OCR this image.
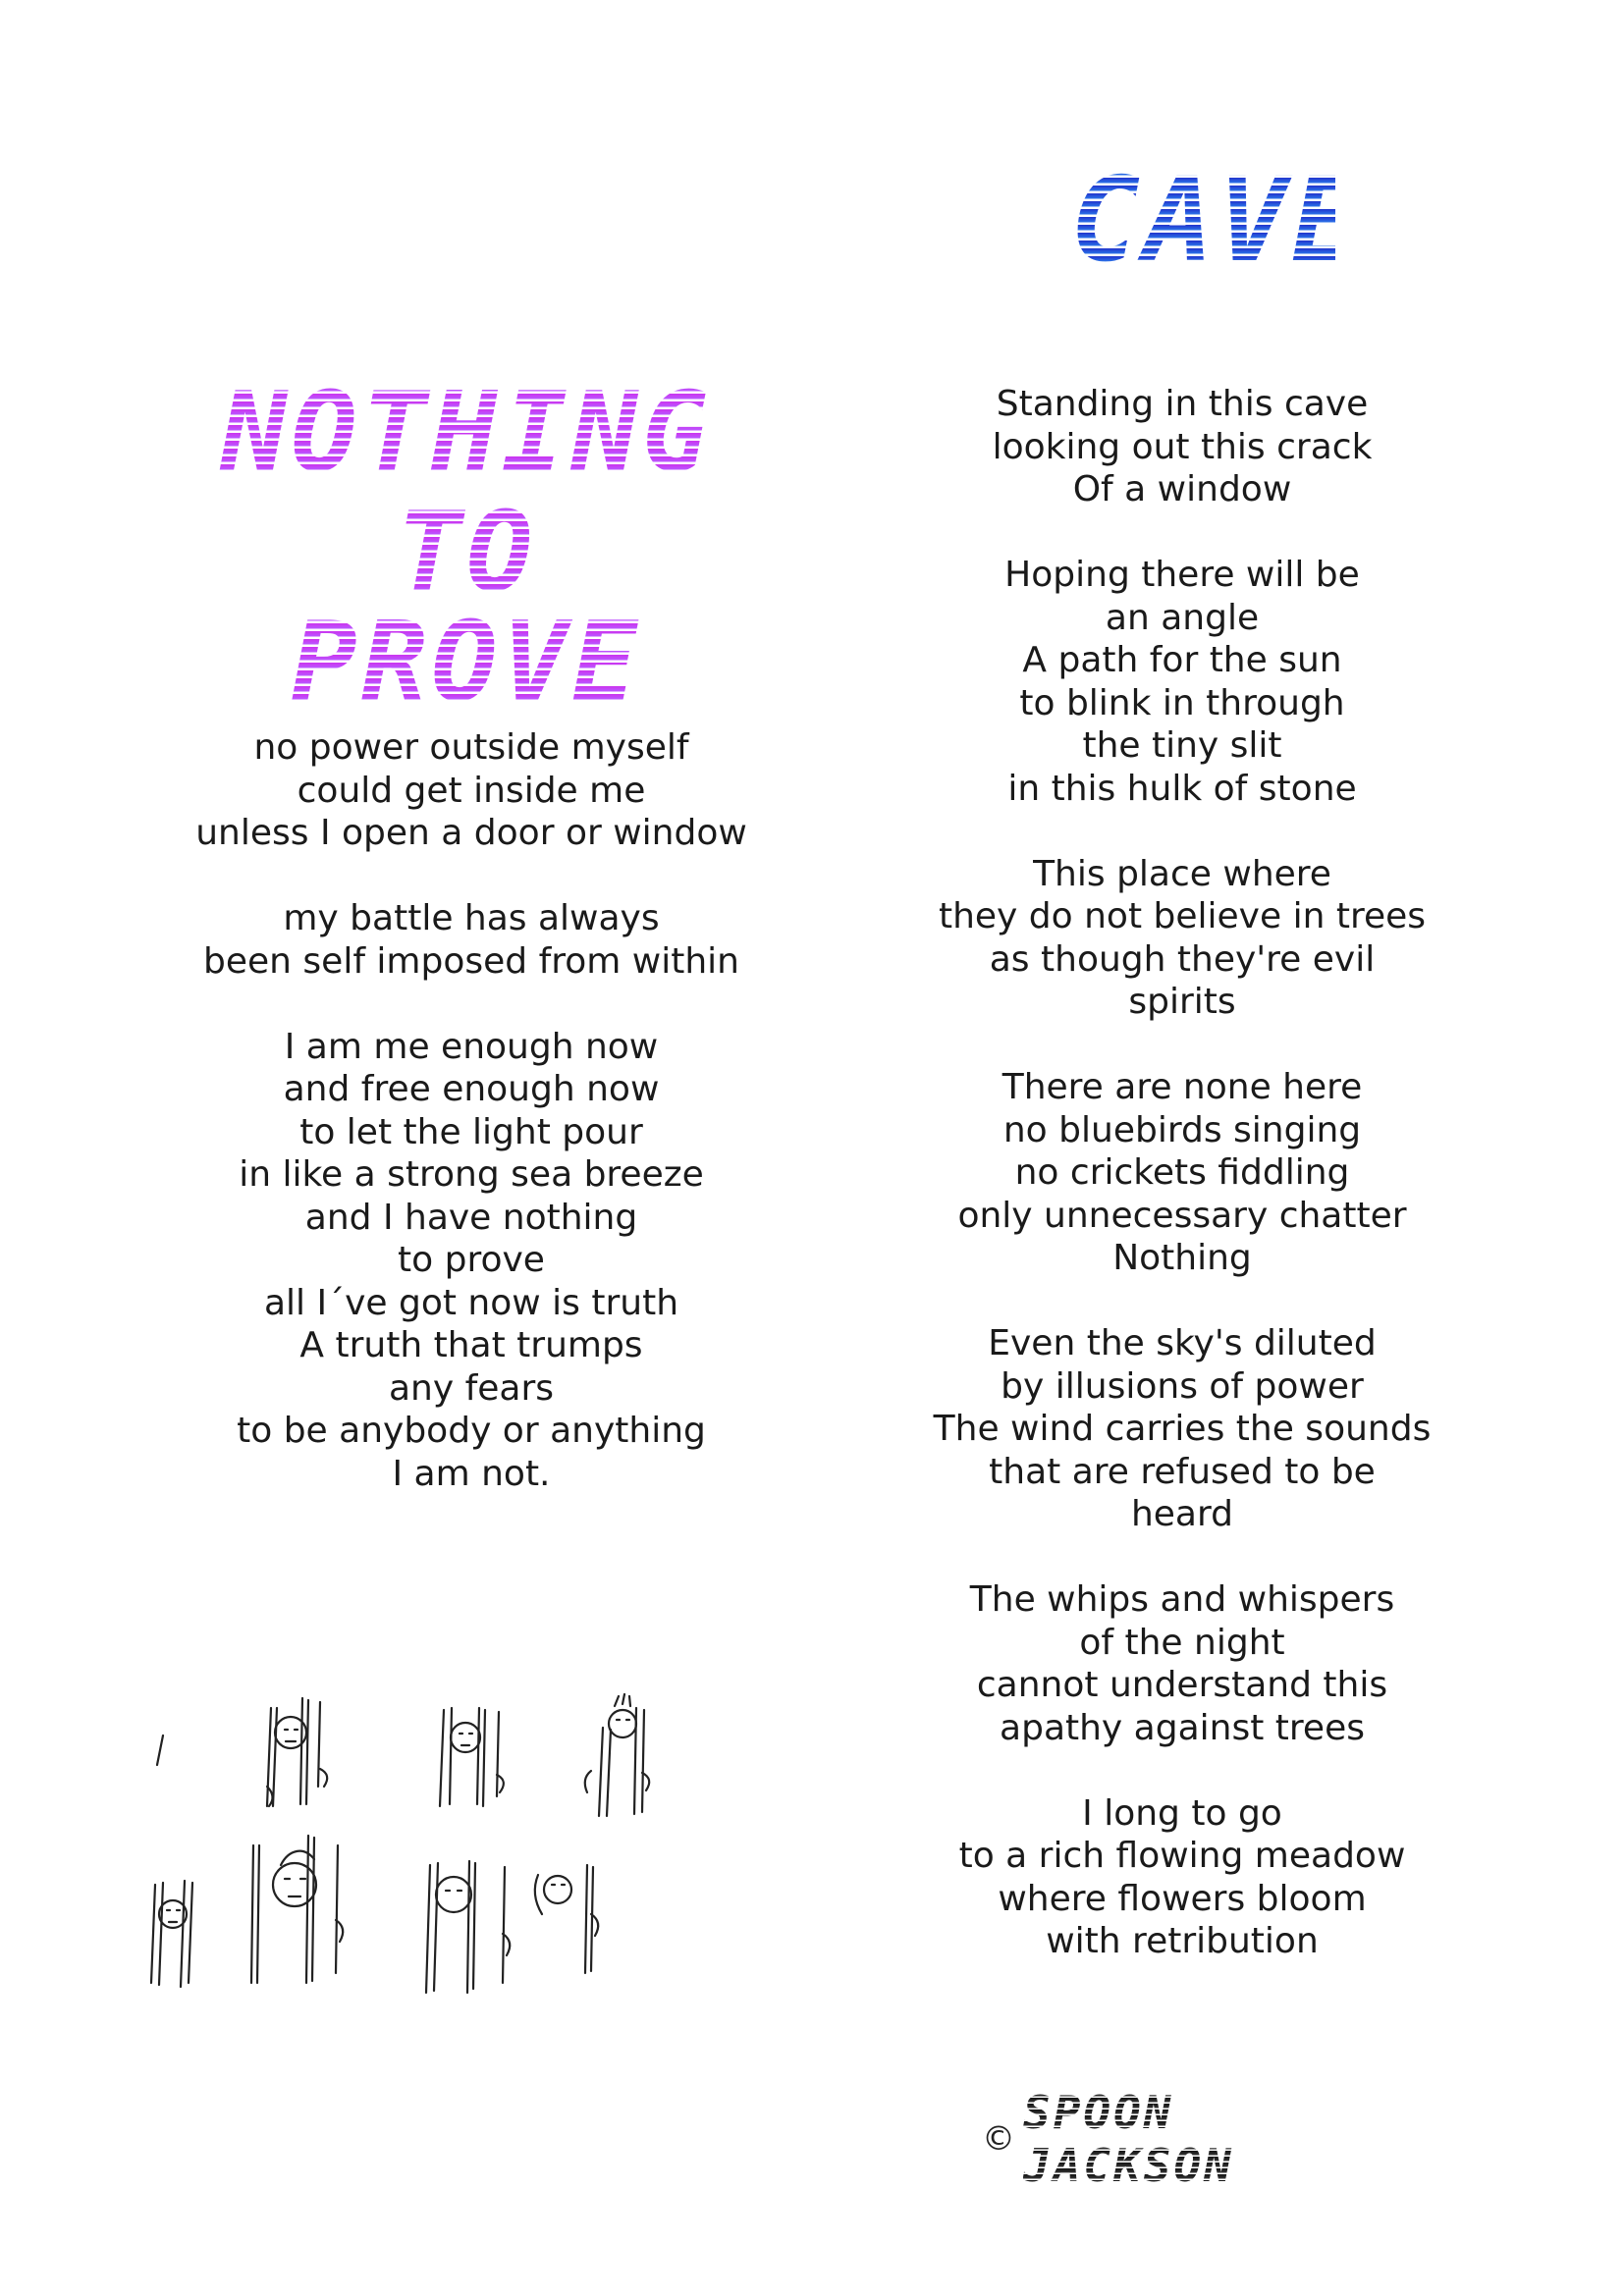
CAVE
NOTHING
TO PROVE
no power outside myself
could get inside me
unless I open a door or window
my battle has always
been self imposed from within
I am me enough now
and free enough now
to let the light pour
in like a strong sea breeze
and I have nothing
to prove
all I´ve got now is truth
A truth that trumps
any fears
to be anybody or anything
I am not.
Standing in this cave
looking out this crack
Of a window
Hoping there will be
an angle
A path for the sun
to blink in through
the tiny slit
in this hulk of stone
This place where
they do not believe in trees
as though they're evil
spirits
There are none here
no bluebirds singing
no crickets fiddling
only unnecessary chatter
Nothing
Even the sky's diluted
by illusions of power
The wind carries the sounds
that are refused to be
heard
The whips and whispers
of the night
cannot understand this
apathy against trees
I long to go
to a rich flowing meadow
where flowers bloom
with retribution
© SPOON JACKSON
